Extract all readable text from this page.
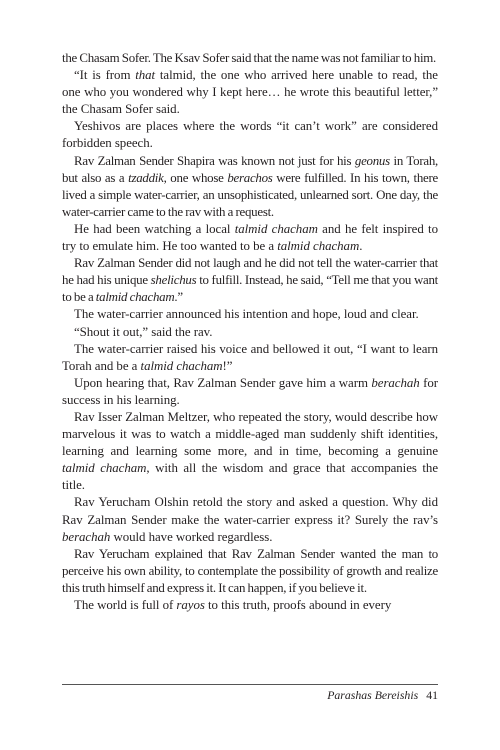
the Chasam Sofer. The Ksav Sofer said that the name was not familiar to him.

“It is from that talmid, the one who arrived here unable to read, the one who you wondered why I kept here… he wrote this beautiful letter,” the Chasam Sofer said.

Yeshivos are places where the words “it can’t work” are considered forbidden speech.

Rav Zalman Sender Shapira was known not just for his geonus in Torah, but also as a tzaddik, one whose berachos were fulfilled. In his town, there lived a simple water-carrier, an unsophisticated, unlearned sort. One day, the water-carrier came to the rav with a request.

He had been watching a local talmid chacham and he felt inspired to try to emulate him. He too wanted to be a talmid chacham.

Rav Zalman Sender did not laugh and he did not tell the water-carrier that he had his unique shelichus to fulfill. Instead, he said, “Tell me that you want to be a talmid chacham.”

The water-carrier announced his intention and hope, loud and clear.

“Shout it out,” said the rav.

The water-carrier raised his voice and bellowed it out, “I want to learn Torah and be a talmid chacham!”

Upon hearing that, Rav Zalman Sender gave him a warm berachah for success in his learning.

Rav Isser Zalman Meltzer, who repeated the story, would describe how marvelous it was to watch a middle-aged man suddenly shift identities, learning and learning some more, and in time, becoming a genuine talmid chacham, with all the wisdom and grace that accompanies the title.

Rav Yerucham Olshin retold the story and asked a question. Why did Rav Zalman Sender make the water-carrier express it? Surely the rav’s berachah would have worked regardless.

Rav Yerucham explained that Rav Zalman Sender wanted the man to perceive his own ability, to contemplate the possibility of growth and realize this truth himself and express it. It can happen, if you believe it.

The world is full of rayos to this truth, proofs abound in every

Parashas Bereishis 41
